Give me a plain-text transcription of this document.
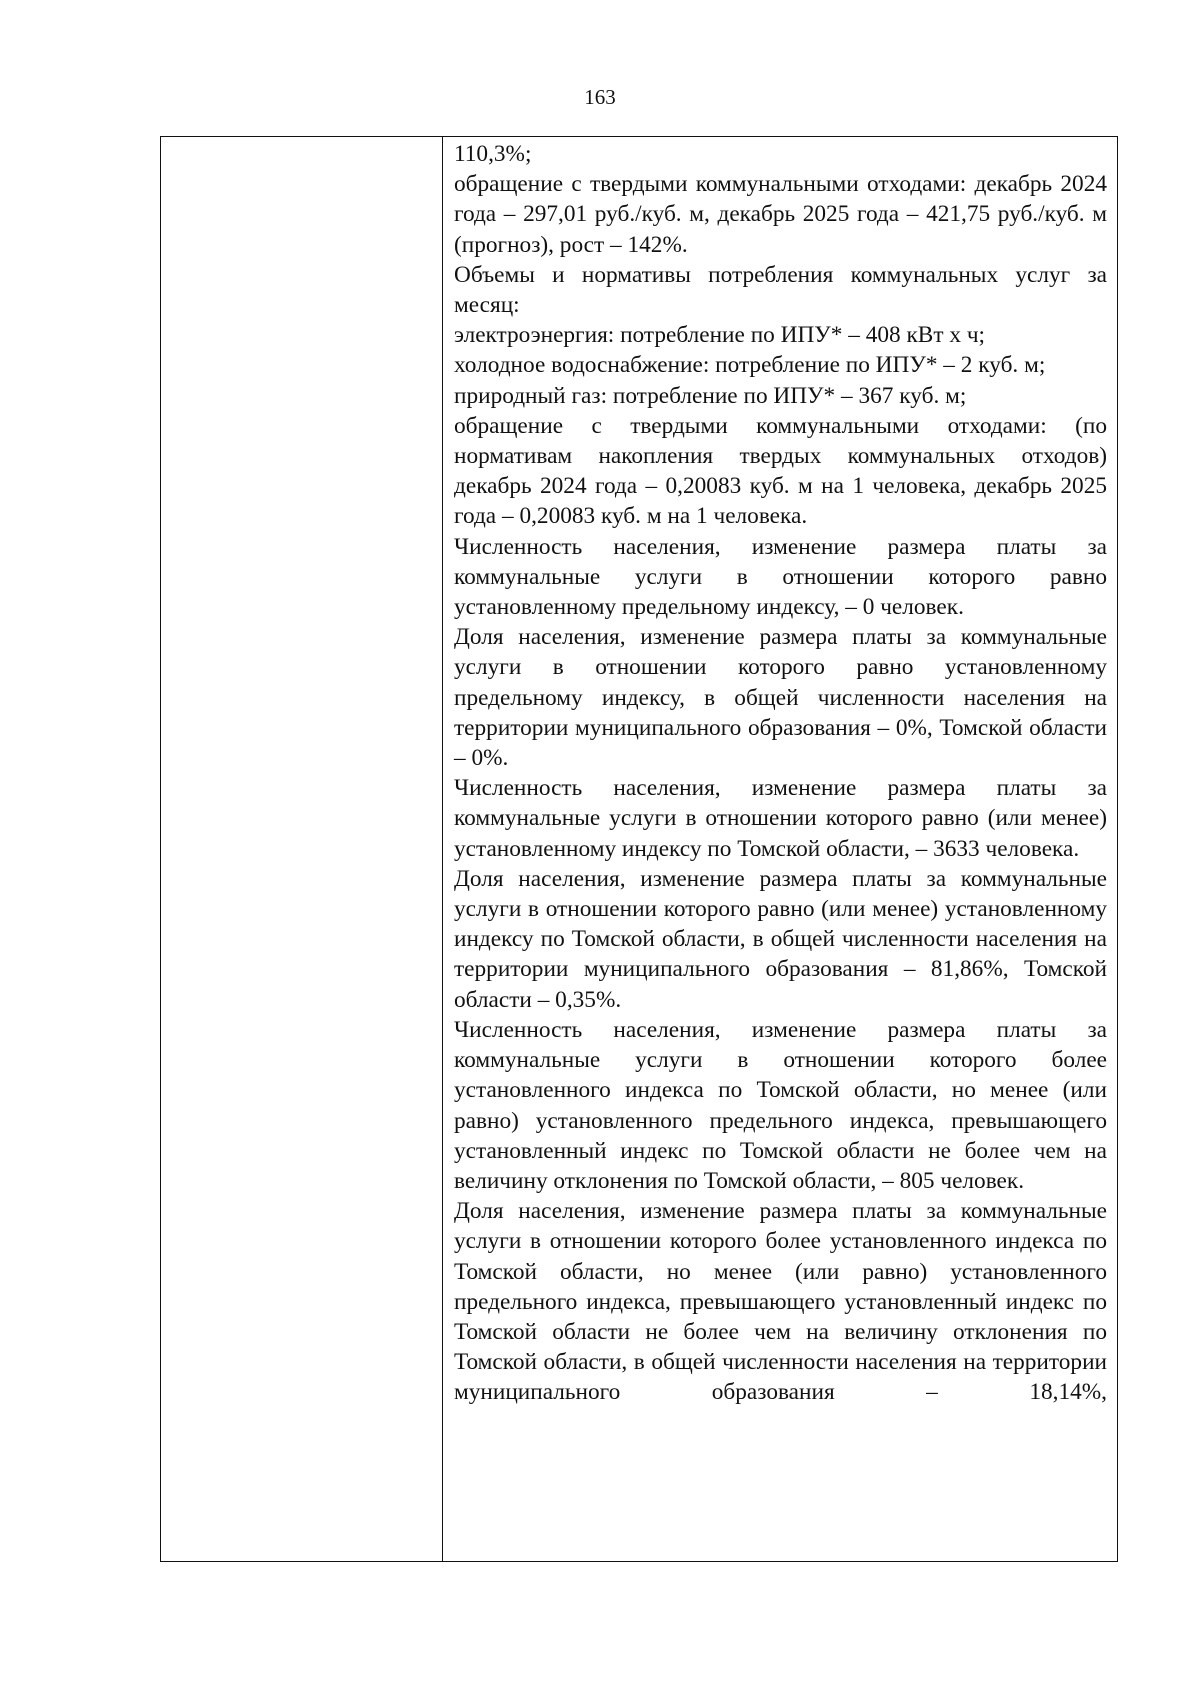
163

110,3%;

обращение с твердыми коммунальными отходами: декабрь 2024 года – 297,01 руб./куб. м, декабрь 2025 года – 421,75 руб./куб. м (прогноз), рост – 142%.

Объемы и нормативы потребления коммунальных услуг за месяц:

электроэнергия: потребление по ИПУ* – 408 кВт х ч;

холодное водоснабжение: потребление по ИПУ* – 2 куб. м;

природный газ: потребление по ИПУ* – 367 куб. м;

обращение с твердыми коммунальными отходами: (по нормативам накопления твердых коммунальных отходов) декабрь 2024 года – 0,20083 куб. м на 1 человека, декабрь 2025 года – 0,20083 куб. м на 1 человека.

Численность населения, изменение размера платы за коммунальные услуги в отношении которого равно установленному предельному индексу, – 0 человек.

Доля населения, изменение размера платы за коммунальные услуги в отношении которого равно установленному предельному индексу, в общей численности населения на территории муниципального образования – 0%, Томской области – 0%.

Численность населения, изменение размера платы за коммунальные услуги в отношении которого равно (или менее) установленному индексу по Томской области, – 3633 человека.

Доля населения, изменение размера платы за коммунальные услуги в отношении которого равно (или менее) установленному индексу по Томской области, в общей численности населения на территории муниципального образования – 81,86%, Томской области – 0,35%.

Численность населения, изменение размера платы за коммунальные услуги в отношении которого более установленного индекса по Томской области, но менее (или равно) установленного предельного индекса, превышающего установленный индекс по Томской области не более чем на величину отклонения по Томской области, – 805 человек.

Доля населения, изменение размера платы за коммунальные услуги в отношении которого более установленного индекса по Томской области, но менее (или равно) установленного предельного индекса, превышающего установленный индекс по Томской области не более чем на величину отклонения по Томской области, в общей численности населения на территории муниципального образования – 18,14%,
